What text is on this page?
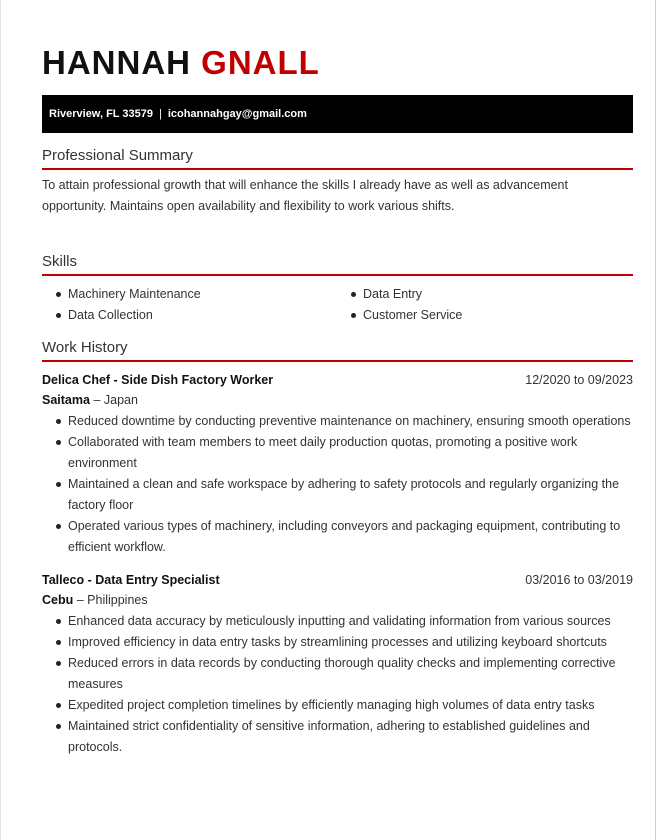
HANNAH GNALL
Riverview, FL 33579 | icohannahgay@gmail.com
Professional Summary
To attain professional growth that will enhance the skills I already have as well as advancement opportunity. Maintains open availability and flexibility to work various shifts.
Skills
Machinery Maintenance	Data Entry
Data Collection	Customer Service
Work History
Delica Chef - Side Dish Factory Worker	12/2020 to 09/2023
Saitama – Japan
Reduced downtime by conducting preventive maintenance on machinery, ensuring smooth operations
Collaborated with team members to meet daily production quotas, promoting a positive work environment
Maintained a clean and safe workspace by adhering to safety protocols and regularly organizing the factory floor
Operated various types of machinery, including conveyors and packaging equipment, contributing to efficient workflow.
Talleco - Data Entry Specialist	03/2016 to 03/2019
Cebu – Philippines
Enhanced data accuracy by meticulously inputting and validating information from various sources
Improved efficiency in data entry tasks by streamlining processes and utilizing keyboard shortcuts
Reduced errors in data records by conducting thorough quality checks and implementing corrective measures
Expedited project completion timelines by efficiently managing high volumes of data entry tasks
Maintained strict confidentiality of sensitive information, adhering to established guidelines and protocols.
